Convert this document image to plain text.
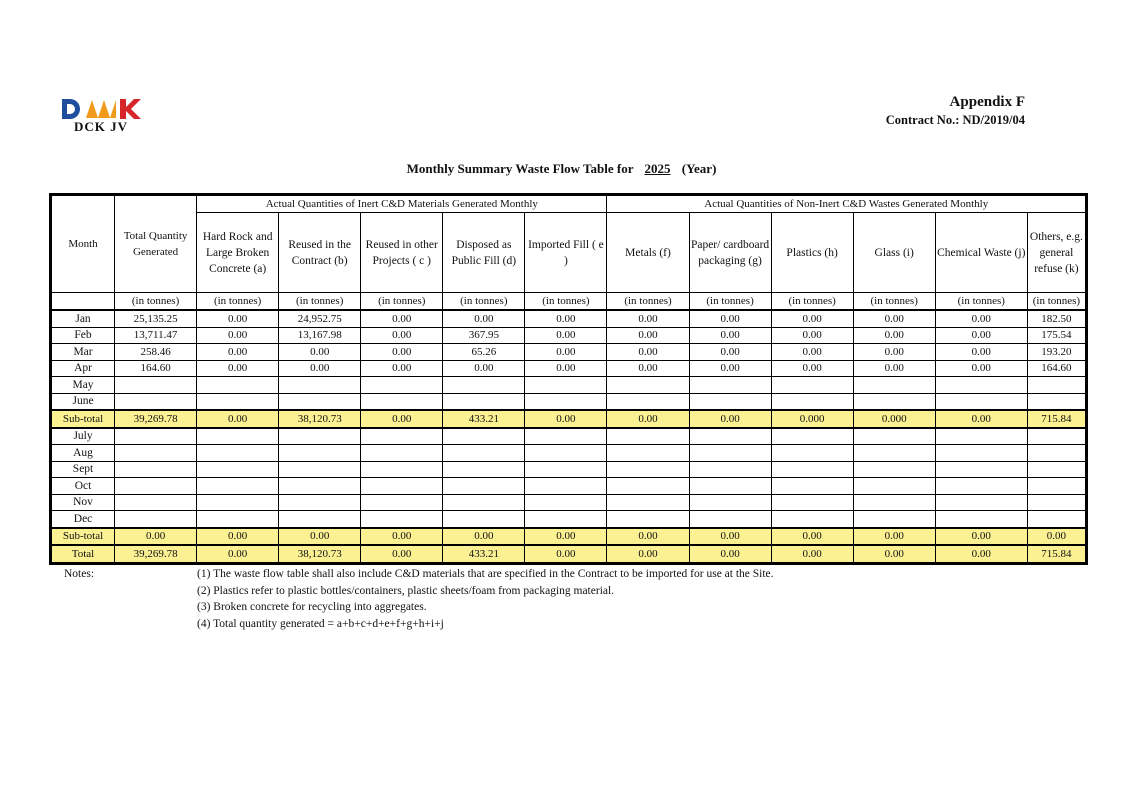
DCK JV
Appendix F
Contract No.: ND/2019/04
Monthly Summary Waste Flow Table for 2025 (Year)
Month	Total Quantity Generated	Actual Quantities of Inert C&D Materials Generated Monthly					Actual Quantities of Non-Inert C&D Wastes Generated Monthly					
		Hard Rock and Large Broken Concrete (a)	Reused in the Contract (b)	Reused in other Projects ( c )	Disposed as Public Fill (d)	Imported Fill ( e )	Metals (f)	Paper/ cardboard packaging (g)	Plastics (h)	Glass (i)	Chemical Waste (j)	Others, e.g. general refuse (k)
	(in tonnes)	(in tonnes)	(in tonnes)	(in tonnes)	(in tonnes)	(in tonnes)	(in tonnes)	(in tonnes)	(in tonnes)	(in tonnes)	(in tonnes)	(in tonnes)
Jan	25,135.25	0.00	24,952.75	0.00	0.00	0.00	0.00	0.00	0.00	0.00	0.00	182.50
Feb	13,711.47	0.00	13,167.98	0.00	367.95	0.00	0.00	0.00	0.00	0.00	0.00	175.54
Mar	258.46	0.00	0.00	0.00	65.26	0.00	0.00	0.00	0.00	0.00	0.00	193.20
Apr	164.60	0.00	0.00	0.00	0.00	0.00	0.00	0.00	0.00	0.00	0.00	164.60
May												
June												
Sub-total	39,269.78	0.00	38,120.73	0.00	433.21	0.00	0.00	0.00	0.000	0.000	0.00	715.84
July												
Aug												
Sept												
Oct												
Nov												
Dec												
Sub-total	0.00	0.00	0.00	0.00	0.00	0.00	0.00	0.00	0.00	0.00	0.00	0.00
Total	39,269.78	0.00	38,120.73	0.00	433.21	0.00	0.00	0.00	0.00	0.00	0.00	715.84
Notes:	(1) The waste flow table shall also include C&D materials that are specified in the Contract to be imported for use at the Site.
(2) Plastics refer to plastic bottles/containers, plastic sheets/foam from packaging material.
(3) Broken concrete for recycling into aggregates.
(4) Total quantity generated = a+b+c+d+e+f+g+h+i+j
